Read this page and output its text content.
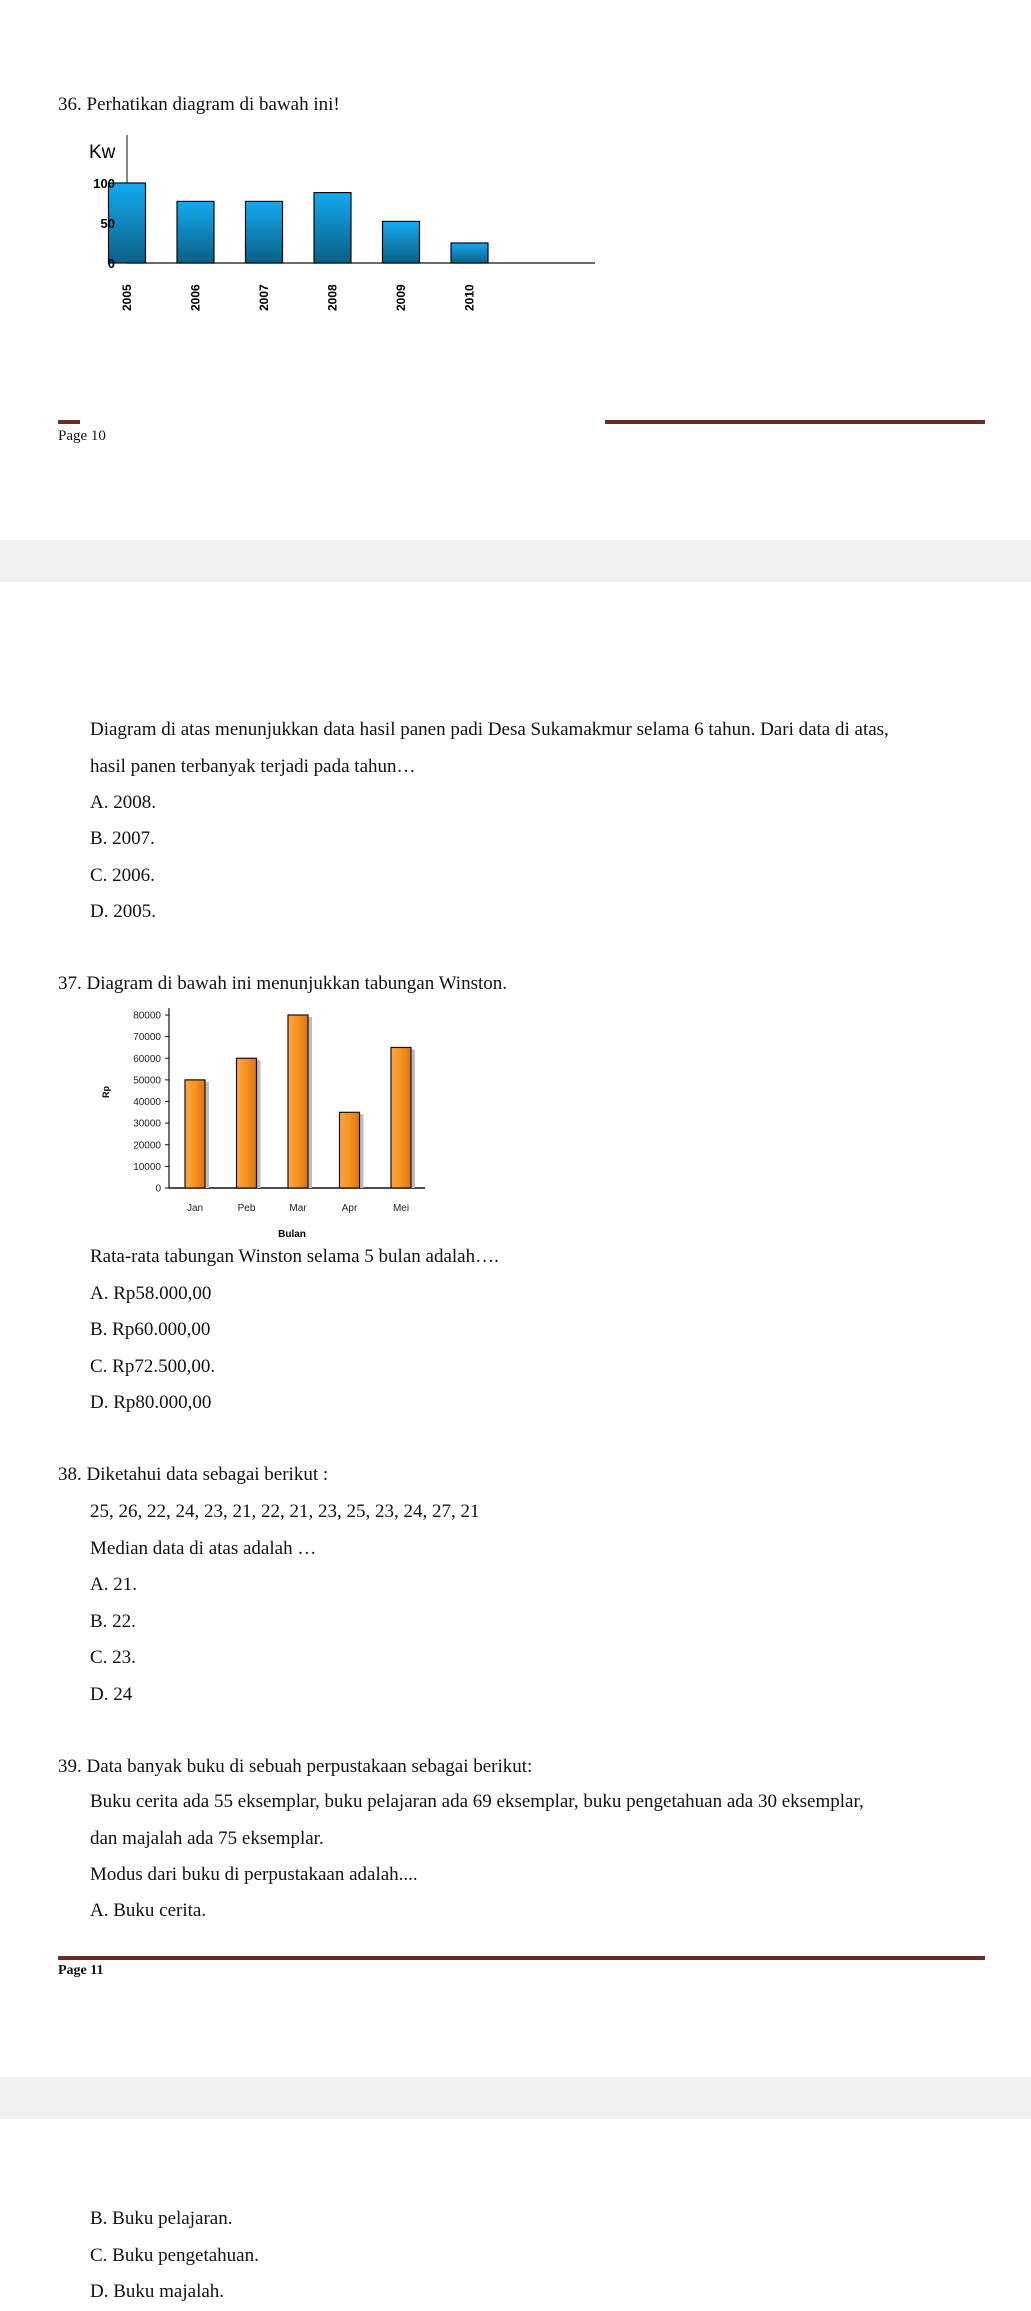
36. Perhatikan diagram di bawah ini!
Kw
100
50
0
2005	2006	2007	2008	2009	2010
Page 10
Diagram di atas menunjukkan data hasil panen padi Desa Sukamakmur selama 6 tahun. Dari data di atas,
hasil panen terbanyak terjadi pada tahun…
A. 2008.
B. 2007.
C. 2006.
D. 2005.
37. Diagram di bawah ini menunjukkan tabungan Winston.
80000
70000
60000
50000
40000
30000
20000
10000
0
Rp
Jan	Peb	Mar	Apr	Mei
Bulan
Rata-rata tabungan Winston selama 5 bulan adalah….
A. Rp58.000,00
B. Rp60.000,00
C. Rp72.500,00.
D. Rp80.000,00
38. Diketahui data sebagai berikut :
25, 26, 22, 24, 23, 21, 22, 21, 23, 25, 23, 24, 27, 21
Median data di atas adalah …
A. 21.
B. 22.
C. 23.
D. 24
39. Data banyak buku di sebuah perpustakaan sebagai berikut:
Buku cerita ada 55 eksemplar, buku pelajaran ada 69 eksemplar, buku pengetahuan ada 30 eksemplar,
dan majalah ada 75 eksemplar.
Modus dari buku di perpustakaan adalah....
A. Buku cerita.
Page 11
B. Buku pelajaran.
C. Buku pengetahuan.
D. Buku majalah.
